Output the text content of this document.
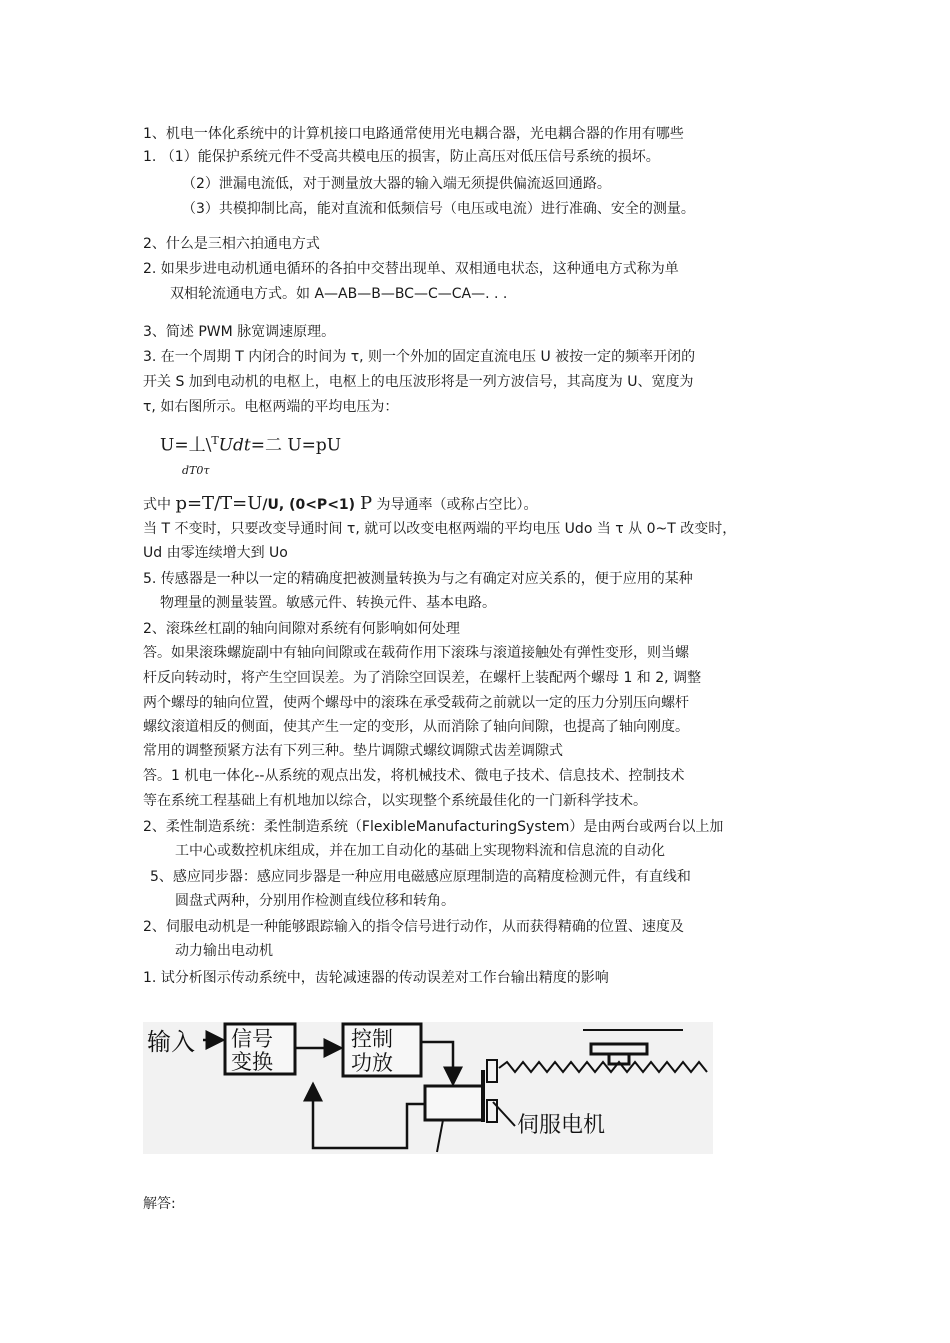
1、机电一体化系统中的计算机接口电路通常使用光电耦合器，光电耦合器的作用有哪些
1. （1）能保护系统元件不受高共模电压的损害，防止高压对低压信号系统的损坏。
（2）泄漏电流低，对于测量放大器的输入端无须提供偏流返回通路。
（3）共模抑制比高，能对直流和低频信号（电压或电流）进行准确、安全的测量。
2、什么是三相六拍通电方式
2. 如果步进电动机通电循环的各拍中交替出现单、双相通电状态，这种通电方式称为单
双相轮流通电方式。如 A—AB—B—BC—C—CA—. . .
3、简述 PWM 脉宽调速原理。
3. 在一个周期 T 内闭合的时间为 τ, 则一个外加的固定直流电压 U 被按一定的频率开闭的
开关 S 加到电动机的电枢上，电枢上的电压波形将是一列方波信号，其高度为 U、宽度为
τ, 如右图所示。电枢两端的平均电压为：
U=丄\$^T$Udt=二 U=pU
dT0τ
式中 p=T/T=U/U, (0<P<1) P 为导通率（或称占空比）。
当 T 不变时，只要改变导通时间 τ, 就可以改变电枢两端的平均电压 Udo 当 τ 从 0~T 改变时，
Ud 由零连续增大到 Uo
5. 传感器是一种以一定的精确度把被测量转换为与之有确定对应关系的，便于应用的某种
物理量的测量装置。敏感元件、转换元件、基本电路。
2、滚珠丝杠副的轴向间隙对系统有何影响如何处理
答。如果滚珠螺旋副中有轴向间隙或在载荷作用下滚珠与滚道接触处有弹性变形，则当螺
杆反向转动时，将产生空回误差。为了消除空回误差，在螺杆上装配两个螺母 1 和 2, 调整
两个螺母的轴向位置，使两个螺母中的滚珠在承受载荷之前就以一定的压力分别压向螺杆
螺纹滚道相反的侧面，使其产生一定的变形，从而消除了轴向间隙，也提高了轴向刚度。
常用的调整预紧方法有下列三种。垫片调隙式螺纹调隙式齿差调隙式
答。1 机电一体化--从系统的观点出发，将机械技术、微电子技术、信息技术、控制技术
等在系统工程基础上有机地加以综合，以实现整个系统最佳化的一门新科学技术。
2、柔性制造系统：柔性制造系统（FlexibleManufacturingSystem）是由两台或两台以上加
工中心或数控机床组成，并在加工自动化的基础上实现物料流和信息流的自动化
5、感应同步器：感应同步器是一种应用电磁感应原理制造的高精度检测元件，有直线和
圆盘式两种，分别用作检测直线位移和转角。
2、伺服电动机是一种能够跟踪输入的指令信号进行动作，从而获得精确的位置、速度及
动力输出电动机
1. 试分析图示传动系统中，齿轮减速器的传动误差对工作台输出精度的影响
输入 信号
变换
控制
功放
伺服电机
解答:
